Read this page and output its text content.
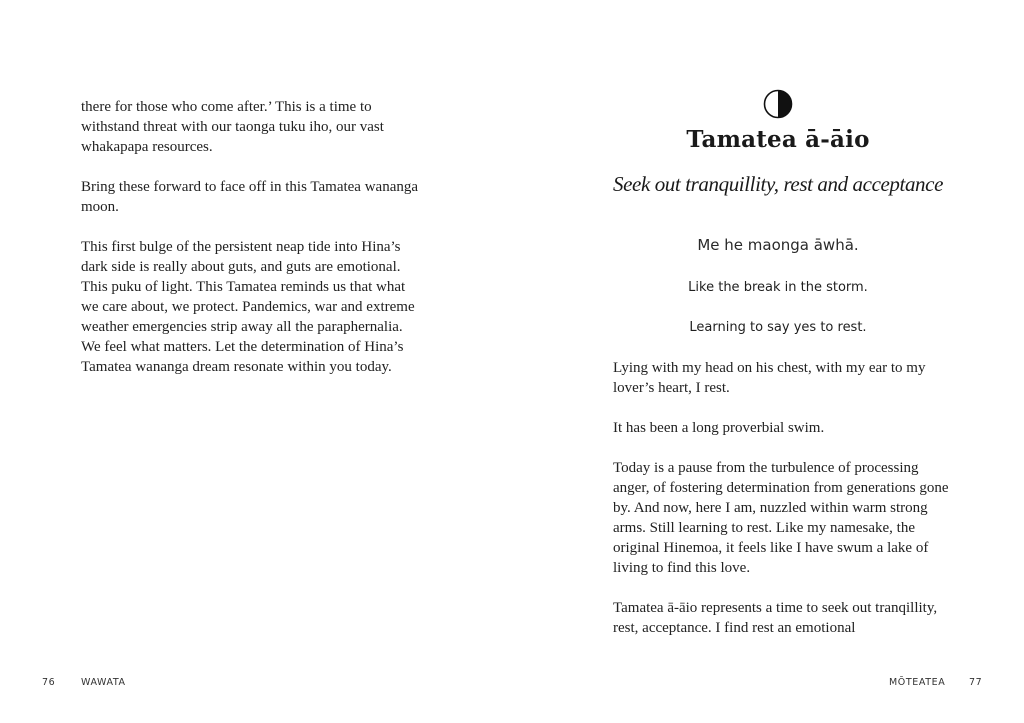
there for those who come after.’ This is a time to withstand threat with our taonga tuku iho, our vast whakapapa resources.

Bring these forward to face off in this Tamatea wananga moon.

This first bulge of the persistent neap tide into Hina’s dark side is really about guts, and guts are emotional. This puku of light. This Tamatea reminds us that what we care about, we protect. Pandemics, war and extreme weather emergencies strip away all the paraphernalia. We feel what matters. Let the determination of Hina’s Tamatea wananga dream resonate within you today.

76	WAWATA
Tamatea ā-āio

Seek out tranquillity, rest and acceptance

Me he maonga āwhā.

Like the break in the storm.

Learning to say yes to rest.

Lying with my head on his chest, with my ear to my lover’s heart, I rest.

It has been a long proverbial swim.

Today is a pause from the turbulence of processing anger, of fostering determination from generations gone by. And now, here I am, nuzzled within warm strong arms. Still learning to rest. Like my namesake, the original Hinemoa, it feels like I have swum a lake of living to find this love.

Tamatea ā-āio represents a time to seek out tranqillity, rest, acceptance. I find rest an emotional

MŌTEATEA 77
